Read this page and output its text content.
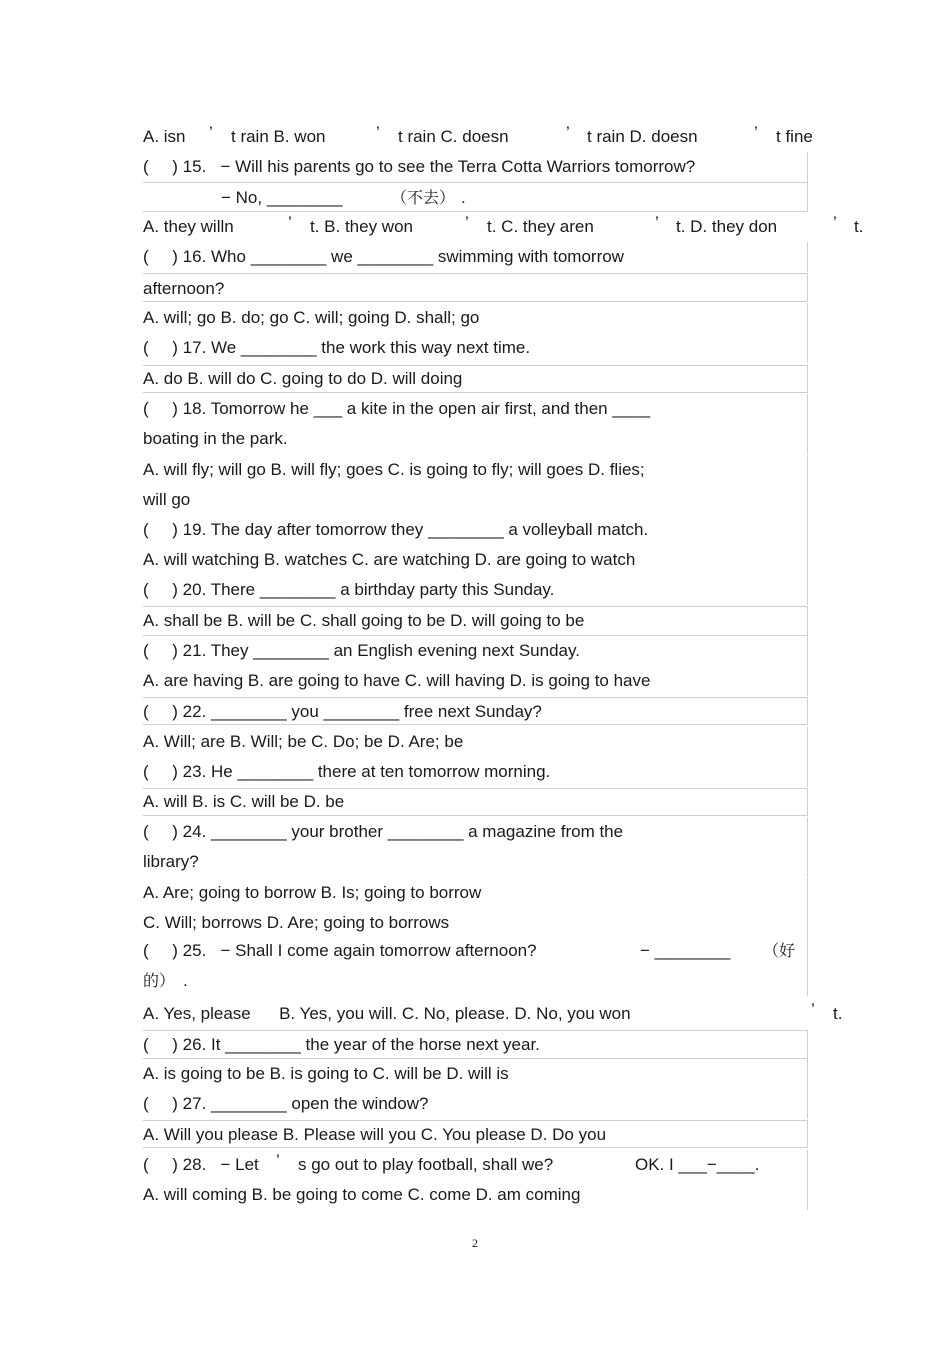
A. isn ’ t rain B. won	’ t rain C. doesn	’ t rain D. doesn	’ t fine
(     ) 15.   − Will his parents go to see the Terra Cotta Warriors tomorrow?
− No, ________	（不去） .
A. they willn	’ t. B. they won	’ t. C. they aren	’ t. D. they don	’ t.
(     ) 16. Who ________ we ________ swimming with tomorrow
afternoon?
A. will; go B. do; go C. will; going D. shall; go
(     ) 17. We ________ the work this way next time.
A. do B. will do C. going to do D. will doing
(     ) 18. Tomorrow he ___ a kite in the open air first, and then ____
boating in the park.
A. will fly; will go B. will fly; goes C. is going to fly; will goes D. flies;
will go
(     ) 19. The day after tomorrow they ________ a volleyball match.
A. will watching B. watches C. are watching D. are going to watch
(     ) 20. There ________ a birthday party this Sunday.
A. shall be B. will be C. shall going to be D. will going to be
(     ) 21. They ________ an English evening next Sunday.
A. are having B. are going to have C. will having D. is going to have
(     ) 22. ________ you ________ free next Sunday?
A. Will; are B. Will; be C. Do; be D. Are; be
(     ) 23. He ________ there at ten tomorrow morning.
A. will B. is C. will be D. be
(     ) 24. ________ your brother ________ a magazine from the
library?
A. Are; going to borrow B. Is; going to borrow
C. Will; borrows D. Are; going to borrows
(     ) 25.   − Shall I come again tomorrow afternoon?	− ________ （好
的） .
A. Yes, please      B. Yes, you will. C. No, please. D. No, you won	’ t.
(     ) 26. It ________ the year of the horse next year.
A. is going to be B. is going to C. will be D. will is
(     ) 27. ________ open the window?
A. Will you please B. Please will you C. You please D. Do you
(     ) 28.   − Let ’ s go out to play football, shall we?	OK. I ___−____.
A. will coming B. be going to come C. come D. am coming
2
